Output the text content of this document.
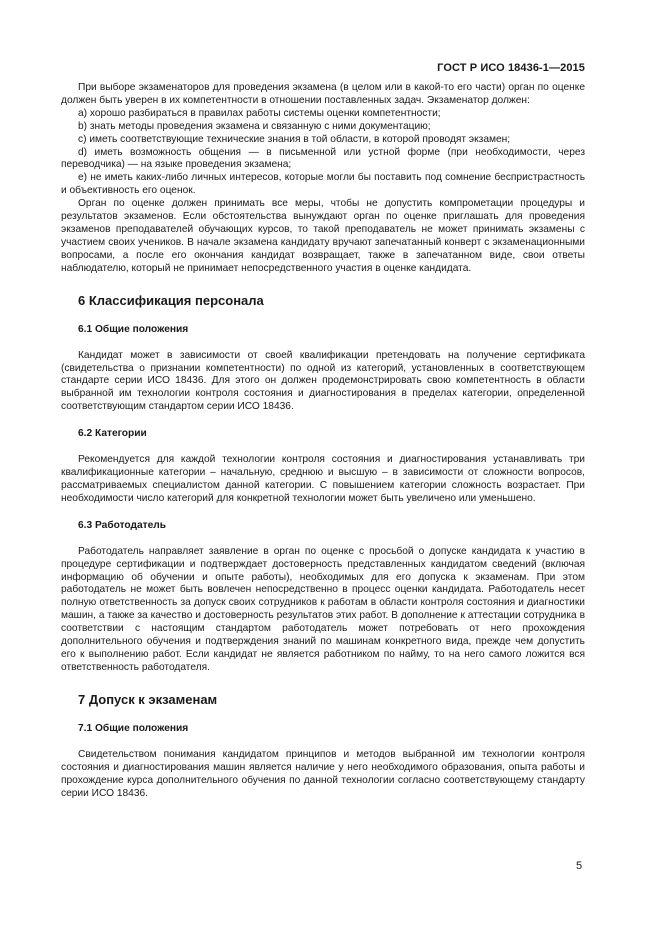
ГОСТ Р ИСО 18436-1—2015

При выборе экзаменаторов для проведения экзамена (в целом или в какой-то его части) орган по оценке должен быть уверен в их компетентности в отношении поставленных задач. Экзаменатор должен:

а) хорошо разбираться в правилах работы системы оценки компетентности;

b) знать методы проведения экзамена и связанную с ними документацию;

c) иметь соответствующие технические знания в той области, в которой проводят экзамен;

d) иметь возможность общения — в письменной или устной форме (при необходимости, через переводчика) — на языке проведения экзамена;

e) не иметь каких-либо личных интересов, которые могли бы поставить под сомнение беспристрастность и объективность его оценок.

Орган по оценке должен принимать все меры, чтобы не допустить компрометации процедуры и результатов экзаменов. Если обстоятельства вынуждают орган по оценке приглашать для проведения экзаменов преподавателей обучающих курсов, то такой преподаватель не может принимать экзамены с участием своих учеников. В начале экзамена кандидату вручают запечатанный конверт с экзаменационными вопросами, а после его окончания кандидат возвращает, также в запечатанном виде, свои ответы наблюдателю, который не принимает непосредственного участия в оценке кандидата.

6 Классификация персонала
6.1 Общие положения

Кандидат может в зависимости от своей квалификации претендовать на получение сертификата (свидетельства о признании компетентности) по одной из категорий, установленных в соответствующем стандарте серии ИСО 18436. Для этого он должен продемонстрировать свою компетентность в области выбранной им технологии контроля состояния и диагностирования в пределах категории, определенной соответствующим стандартом серии ИСО 18436.

6.2 Категории

Рекомендуется для каждой технологии контроля состояния и диагностирования устанавливать три квалификационные категории – начальную, среднюю и высшую – в зависимости от сложности вопросов, рассматриваемых специалистом данной категории. С повышением категории сложность возрастает. При необходимости число категорий для конкретной технологии может быть увеличено или уменьшено.

6.3 Работодатель

Работодатель направляет заявление в орган по оценке с просьбой о допуске кандидата к участию в процедуре сертификации и подтверждает достоверность представленных кандидатом сведений (включая информацию об обучении и опыте работы), необходимых для его допуска к экзаменам. При этом работодатель не может быть вовлечен непосредственно в процесс оценки кандидата. Работодатель несет полную ответственность за допуск своих сотрудников к работам в области контроля состояния и диагностики машин, а также за качество и достоверность результатов этих работ. В дополнение к аттестации сотрудника в соответствии с настоящим стандартом работодатель может потребовать от него прохождения дополнительного обучения и подтверждения знаний по машинам конкретного вида, прежде чем допустить его к выполнению работ. Если кандидат не является работником по найму, то на него самого ложится вся ответственность работодателя.

7 Допуск к экзаменам
7.1 Общие положения

Свидетельством понимания кандидатом принципов и методов выбранной им технологии контроля состояния и диагностирования машин является наличие у него необходимого образования, опыта работы и прохождение курса дополнительного обучения по данной технологии согласно соответствующему стандарту серии ИСО 18436.

5
